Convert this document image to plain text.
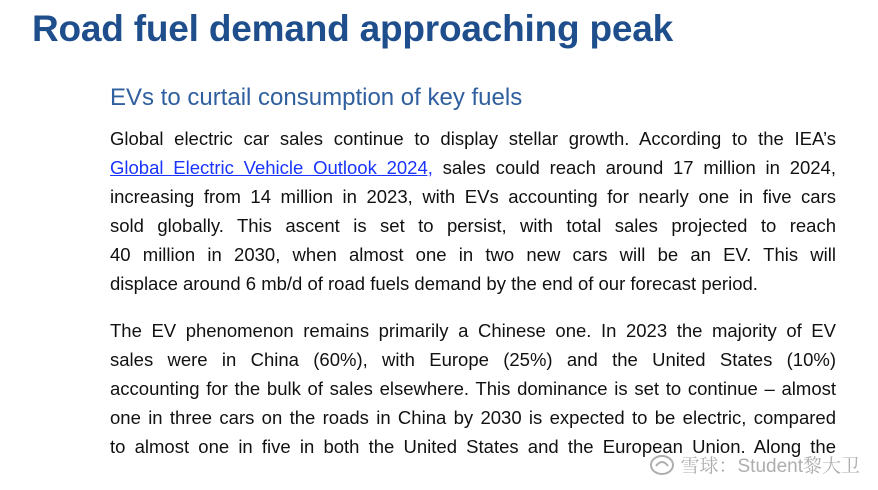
Road fuel demand approaching peak
EVs to curtail consumption of key fuels
Global electric car sales continue to display stellar growth. According to the IEA’s
Global Electric Vehicle Outlook 2024, sales could reach around 17 million in 2024,
increasing from 14 million in 2023, with EVs accounting for nearly one in five cars
sold globally. This ascent is set to persist, with total sales projected to reach
40 million in 2030, when almost one in two new cars will be an EV. This will
displace around 6 mb/d of road fuels demand by the end of our forecast period.
The EV phenomenon remains primarily a Chinese one. In 2023 the majority of EV
sales were in China (60%), with Europe (25%) and the United States (10%)
accounting for the bulk of sales elsewhere. This dominance is set to continue – almost
one in three cars on the roads in China by 2030 is expected to be electric, compared
to almost one in five in both the United States and the European Union. Along the
雪球：Student黎大卫
